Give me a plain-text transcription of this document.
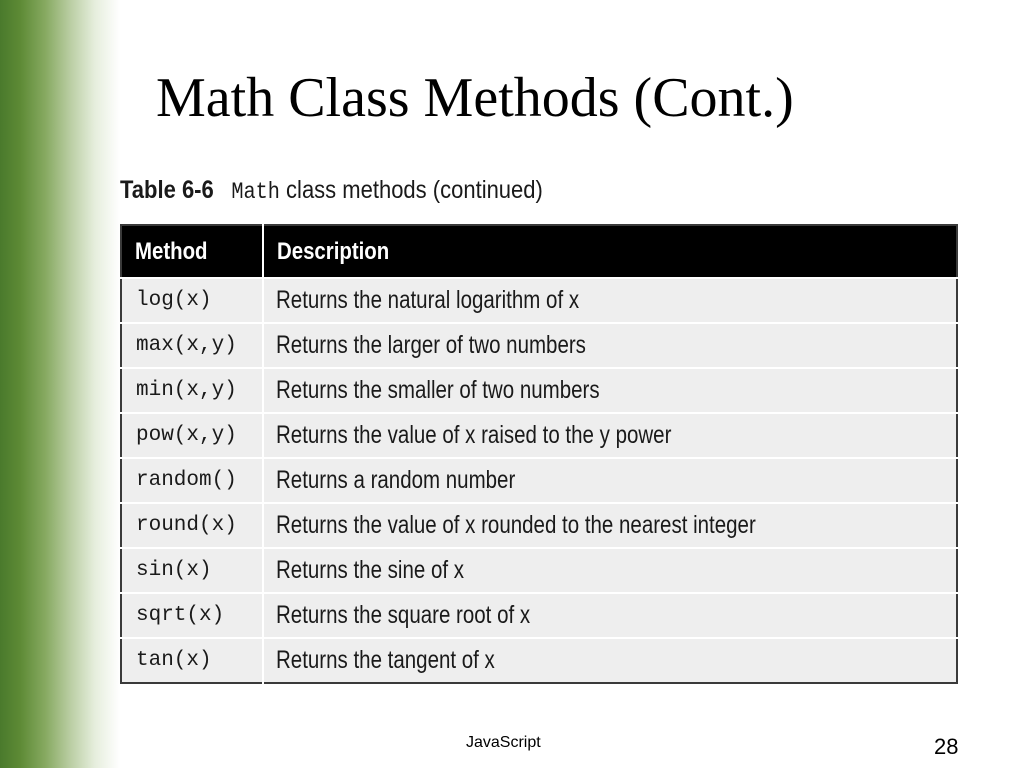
Math Class Methods (Cont.)
Table 6-6 Math class methods (continued)
Method	Description
log(x)	Returns the natural logarithm of x
max(x,y)	Returns the larger of two numbers
min(x,y)	Returns the smaller of two numbers
pow(x,y)	Returns the value of x raised to the y power
random()	Returns a random number
round(x)	Returns the value of x rounded to the nearest integer
sin(x)	Returns the sine of x
sqrt(x)	Returns the square root of x
tan(x)	Returns the tangent of x
JavaScript	28
